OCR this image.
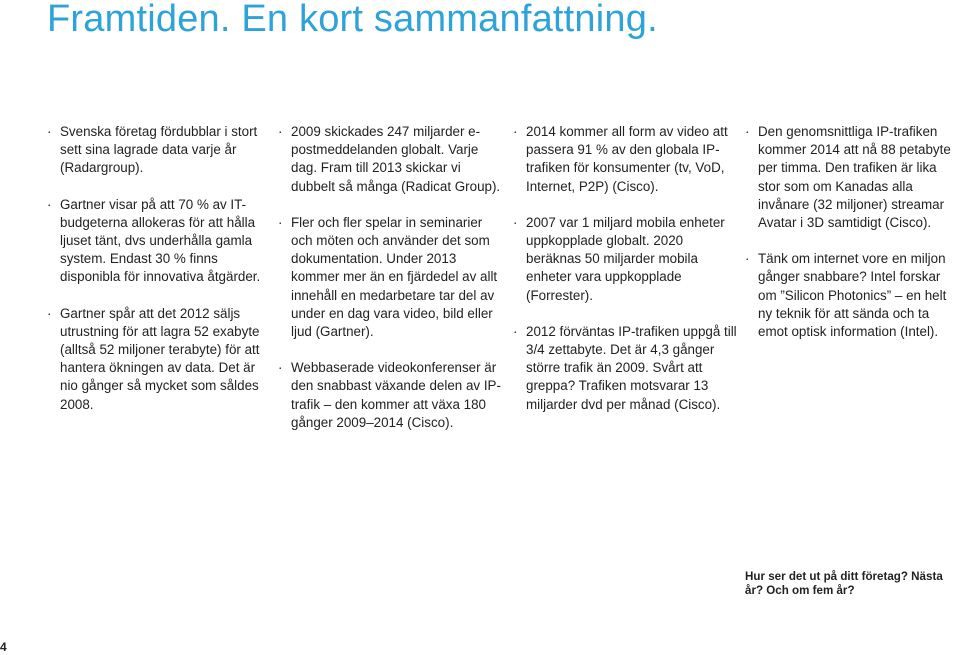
Framtiden. En kort sammanfattning.
· Svenska företag fördubblar i stort sett sina lagrade data varje år (Radargroup).
· Gartner visar på att 70 % av IT-budgeterna allokeras för att hålla ljuset tänt, dvs underhålla gamla system. Endast 30 % finns disponibla för innovativa åtgärder.
· Gartner spår att det 2012 säljs utrustning för att lagra 52 exabyte (alltså 52 miljoner terabyte) för att hantera ökningen av data. Det är nio gånger så mycket som såldes 2008.
· 2009 skickades 247 miljarder e-postmeddelanden globalt. Varje dag. Fram till 2013 skickar vi dubbelt så många (Radicat Group).
· Fler och fler spelar in seminarier och möten och använder det som dokumentation. Under 2013 kommer mer än en fjärdedel av allt innehåll en medarbetare tar del av under en dag vara video, bild eller ljud (Gartner).
· Webbaserade videokonferenser är den snabbast växande delen av IP-trafik – den kommer att växa 180 gånger 2009–2014 (Cisco).
· 2014 kommer all form av video att passera 91 % av den globala IP-trafiken för konsumenter (tv, VoD, Internet, P2P) (Cisco).
· 2007 var 1 miljard mobila enheter uppkopplade globalt. 2020 beräknas 50 miljarder mobila enheter vara uppkopplade (Forrester).
· 2012 förväntas IP-trafiken uppgå till 3/4 zettabyte. Det är 4,3 gånger större trafik än 2009. Svårt att greppa? Trafiken motsvarar 13 miljarder dvd per månad (Cisco).
· Den genomsnittliga IP-trafiken kommer 2014 att nå 88 petabyte per timma. Den trafiken är lika stor som om Kanadas alla invånare (32 miljoner) streamar Avatar i 3D samtidigt (Cisco).
· Tänk om internet vore en miljon gånger snabbare? Intel forskar om ”Silicon Photonics” – en helt ny teknik för att sända och ta emot optisk information (Intel).
Hur ser det ut på ditt företag? Nästa år? Och om fem år?
4
